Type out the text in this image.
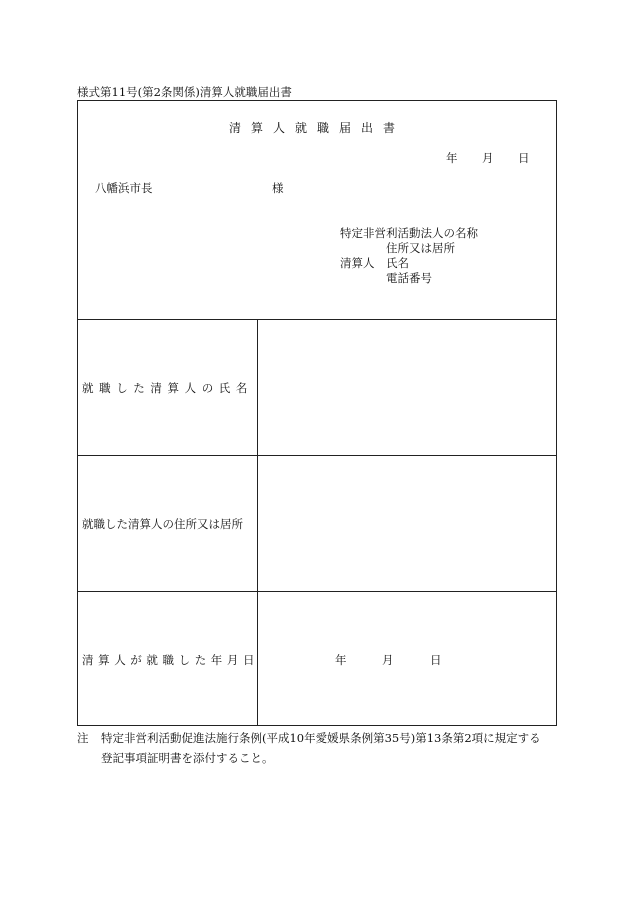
様式第11号(第2条関係)清算人就職届出書
清算人就職届出書
年 月 日
八幡浜市長	様
特定非営利活動法人の名称
住所又は居所
清算人 氏名
電話番号
就職した清算人の氏名
就職した清算人の住所又は居所
清算人が就職した年月日	年	月	日
注 特定非営利活動促進法施行条例(平成10年愛媛県条例第35号)第13条第2項に規定する
登記事項証明書を添付すること。
